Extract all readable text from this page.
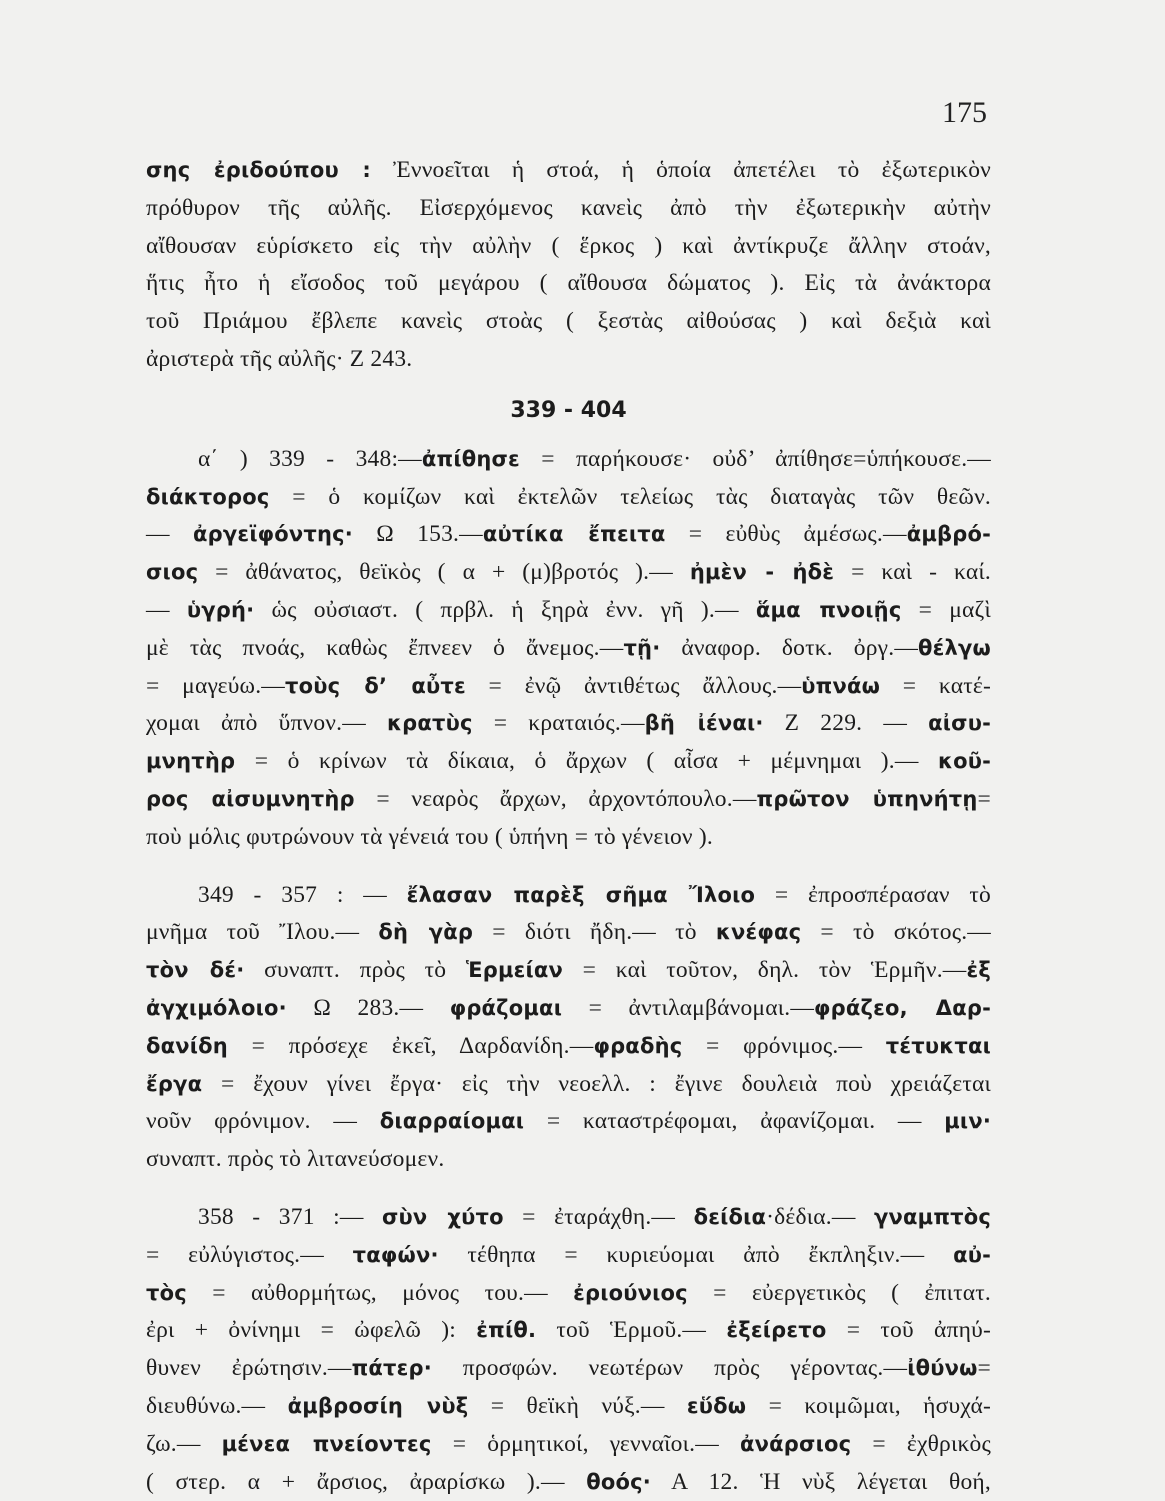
175
σης ἐριδούπου : Ἐννοεῖται ἡ στοά, ἡ ὁποία ἀπετέλει τὸ ἐξωτερικὸν
πρόθυρον τῆς αὐλῆς. Εἰσερχόμενος κανεὶς ἀπὸ τὴν ἐξωτερικὴν αὐτὴν
αἴθουσαν εὑρίσκετο εἰς τὴν αὐλὴν ( ἕρκος ) καὶ ἀντίκρυζε ἄλλην στοάν,
ἥτις ἦτο ἡ εἴσοδος τοῦ μεγάρου ( αἴθουσα δώματος ). Εἰς τὰ ἀνάκτορα
τοῦ Πριάμου ἔβλεπε κανεὶς στοὰς ( ξεστὰς αἰθούσας ) καὶ δεξιὰ καὶ
ἀριστερὰ τῆς αὐλῆς· Ζ 243.
339 - 404
α΄ ) 339 - 348:—ἀπίθησε = παρήκουσε· οὐδ’ ἀπίθησε=ὑπήκουσε.—
διάκτορος = ὁ κομίζων καὶ ἐκτελῶν τελείως τὰς διαταγὰς τῶν θεῶν.
— ἀργεϊφόντης· Ω 153.—αὐτίκα ἔπειτα = εὐθὺς ἀμέσως.—ἀμβρό-
σιος = ἀθάνατος, θεϊκὸς ( α + (μ)βροτός ).— ἠμὲν - ἠδὲ = καὶ - καί.
— ὑγρή· ὡς οὐσιαστ. ( πρβλ. ἡ ξηρὰ ἐνν. γῆ ).— ἅμα πνοιῇς = μαζὶ
μὲ τὰς πνοάς, καθὼς ἔπνεεν ὁ ἄνεμος.—τῇ· ἀναφορ. δοτκ. ὀργ.—θέλγω
= μαγεύω.—τοὺς δ’ αὖτε = ἐνῷ ἀντιθέτως ἄλλους.—ὑπνάω = κατέ-
χομαι ἀπὸ ὕπνον.— κρατὺς = κραταιός.—βῆ ἰέναι· Ζ 229. — αἰσυ-
μνητὴρ = ὁ κρίνων τὰ δίκαια, ὁ ἄρχων ( αἶσα + μέμνημαι ).— κοῦ-
ρος αἰσυμνητὴρ = νεαρὸς ἄρχων, ἀρχοντόπουλο.—πρῶτον ὑπηνήτῃ=
ποὺ μόλις φυτρώνουν τὰ γένειά του ( ὑπήνη = τὸ γένειον ).
349 - 357 : — ἔλασαν παρὲξ σῆμα Ἴλοιο = ἐπροσπέρασαν τὸ
μνῆμα τοῦ Ἴλου.— δὴ γὰρ = διότι ἤδη.— τὸ κνέφας = τὸ σκότος.—
τὸν δέ· συναπτ. πρὸς τὸ Ἑρμείαν = καὶ τοῦτον, δηλ. τὸν Ἑρμῆν.—ἐξ
ἀγχιμόλοιο· Ω 283.— φράζομαι = ἀντιλαμβάνομαι.—φράζεο, Δαρ-
δανίδη = πρόσεχε ἐκεῖ, Δαρδανίδη.—φραδὴς = φρόνιμος.— τέτυκται
ἔργα = ἔχουν γίνει ἔργα· εἰς τὴν νεοελλ. : ἔγινε δουλειὰ ποὺ χρειάζεται
νοῦν φρόνιμον. — διαρραίομαι = καταστρέφομαι, ἀφανίζομαι. — μιν·
συναπτ. πρὸς τὸ λιτανεύσομεν.
358 - 371 :— σὺν χύτο = ἐταράχθη.— δείδια·δέδια.— γναμπτὸς
= εὐλύγιστος.— ταφών· τέθηπα = κυριεύομαι ἀπὸ ἔκπληξιν.— αὐ-
τὸς = αὐθορμήτως, μόνος του.— ἐριούνιος = εὐεργετικὸς ( ἐπιτατ.
ἐρι + ὀνίνημι = ὠφελῶ ): ἐπίθ. τοῦ Ἑρμοῦ.— ἐξείρετο = τοῦ ἀπηύ-
θυνεν ἐρώτησιν.—πάτερ· προσφών. νεωτέρων πρὸς γέροντας.—ἰθύνω=
διευθύνω.— ἀμβροσίη νὺξ = θεϊκὴ νύξ.— εὕδω = κοιμῶμαι, ἡσυχά-
ζω.— μένεα πνείοντες = ὁρμητικοί, γενναῖοι.— ἀνάρσιος = ἐχθρικὸς
( στερ. α + ἄρσιος, ἀραρίσκω ).— θοός· Α 12. Ἡ νὺξ λέγεται θοή,
